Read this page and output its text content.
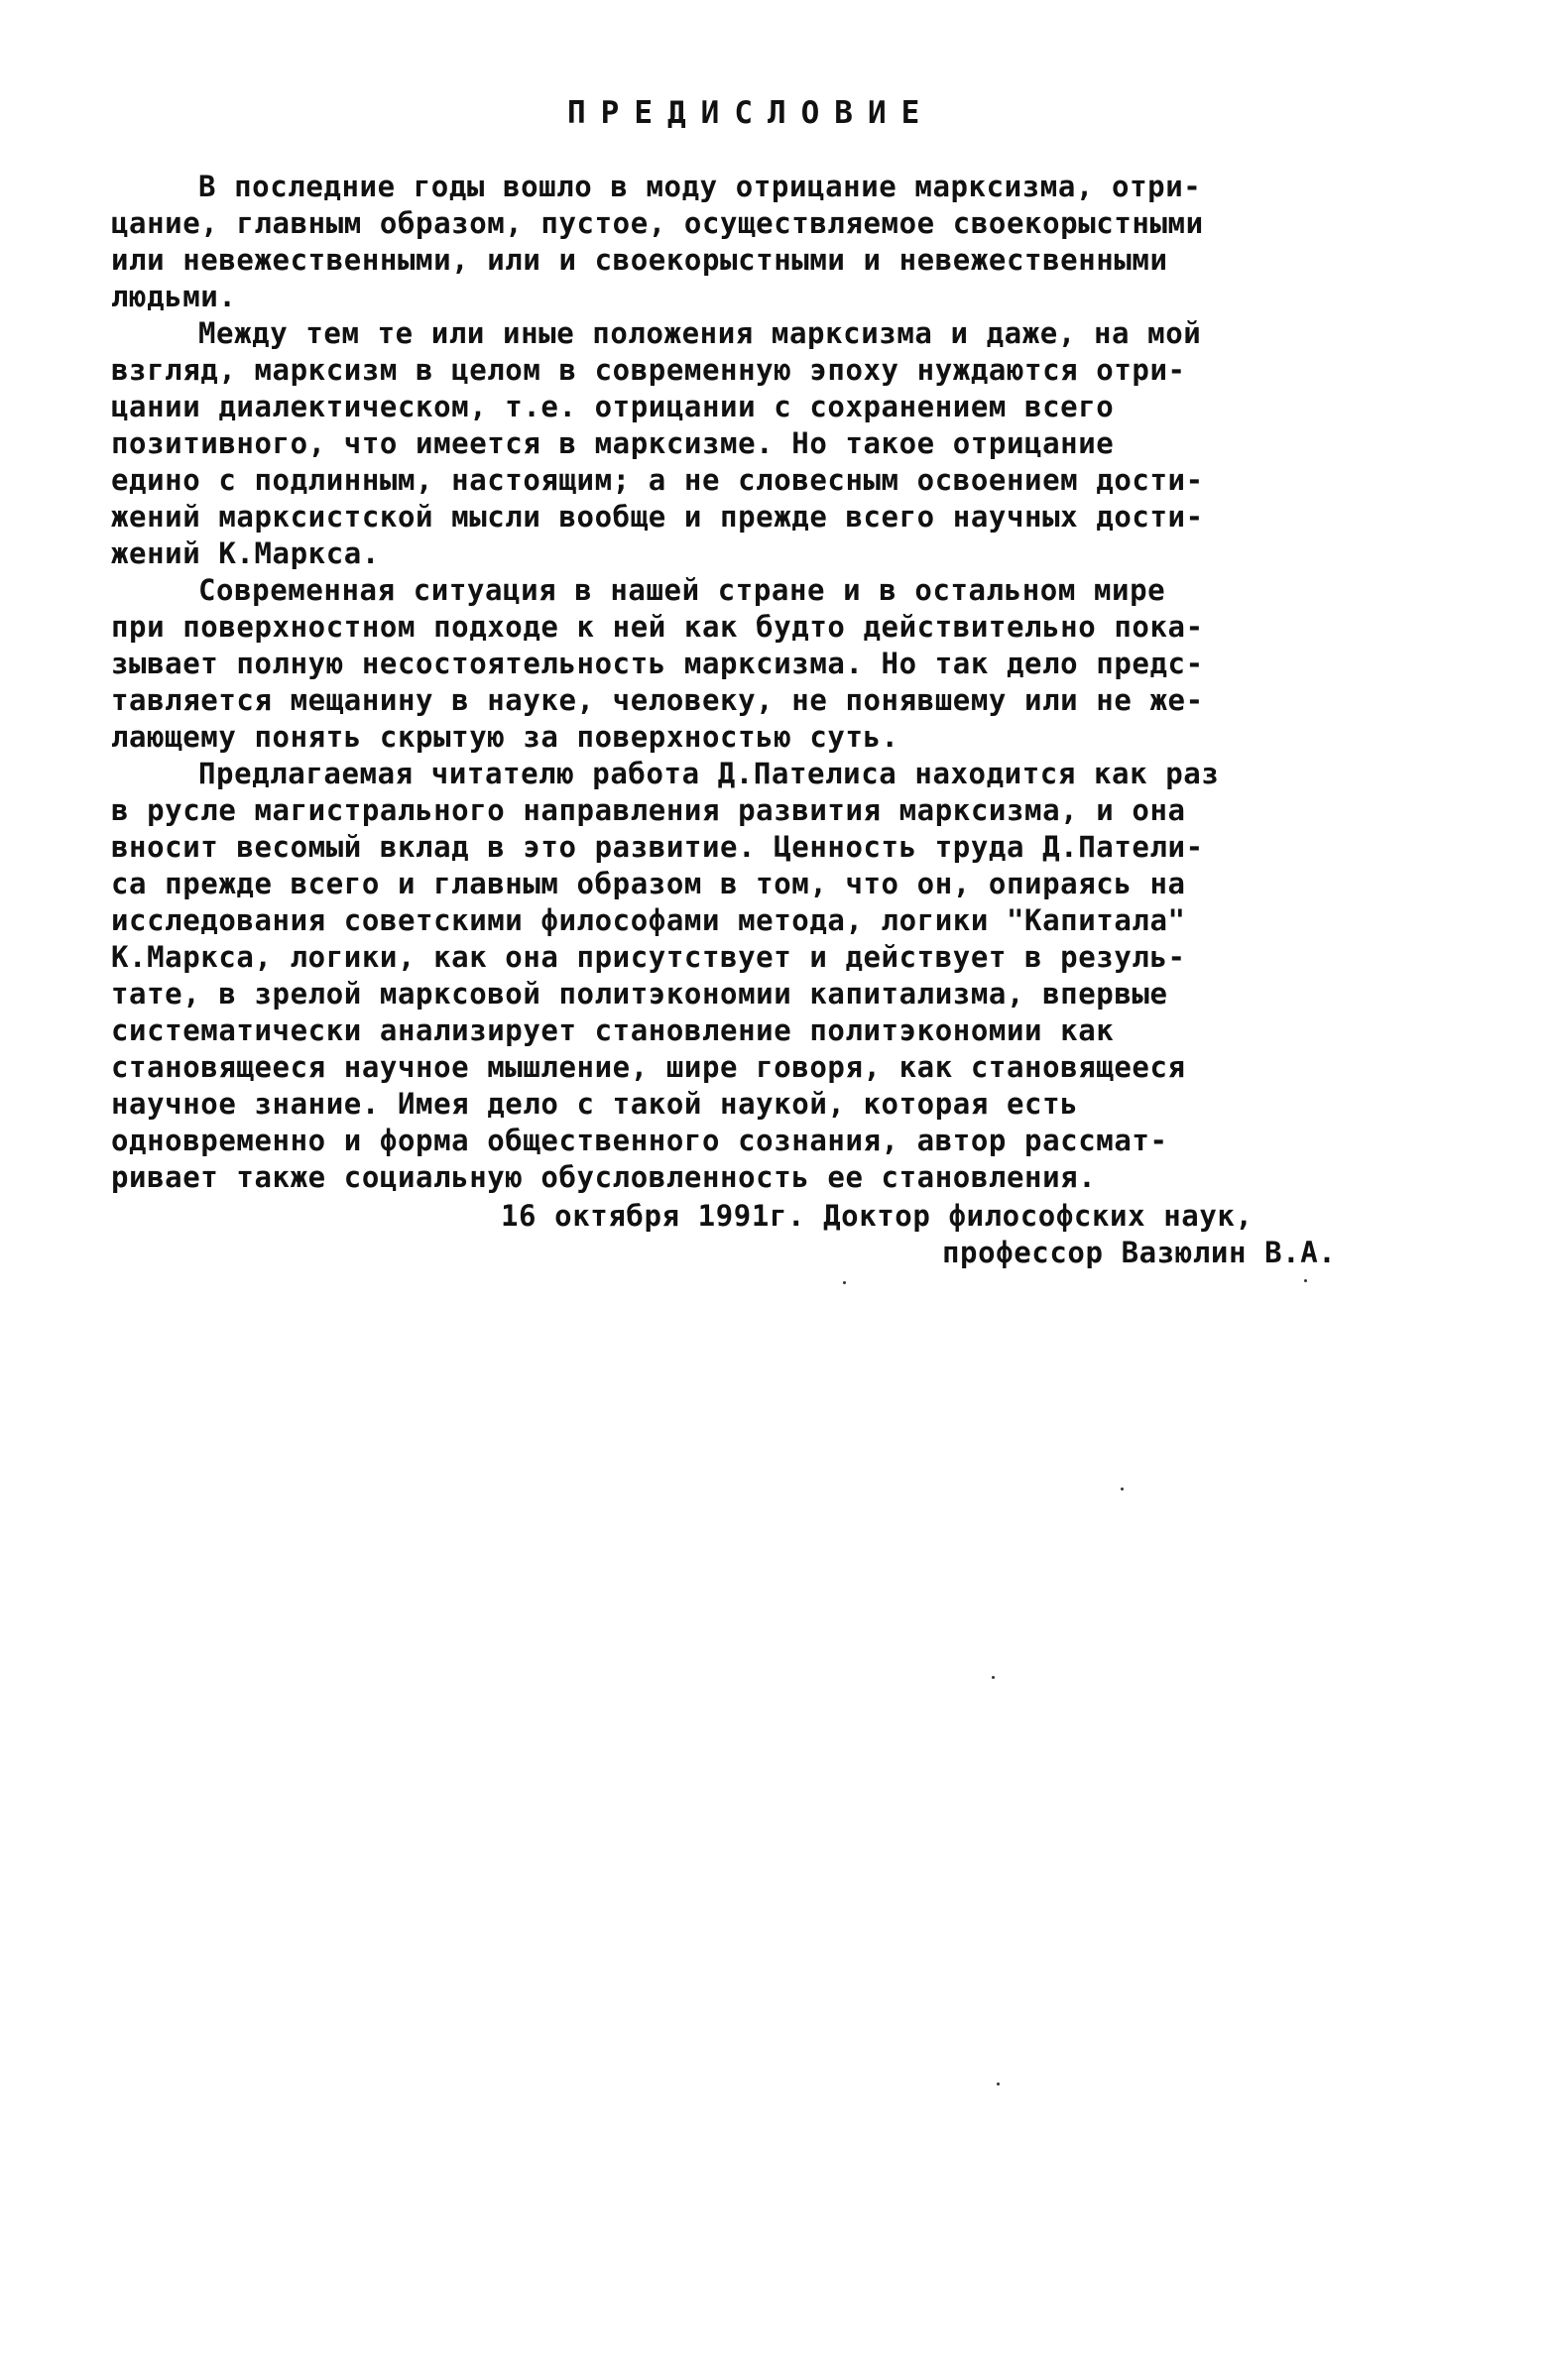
ПРЕДИСЛОВИЕ
В последние годы вошло в моду отрицание марксизма, отри-
цание, главным образом, пустое, осуществляемое своекорыстными
или невежественными, или и своекорыстными и невежественными
людьми.
Между тем те или иные положения марксизма и даже, на мой
взгляд, марксизм в целом в современную эпоху нуждаются отри-
цании диалектическом, т.е. отрицании с сохранением всего
позитивного, что имеется в марксизме. Но такое отрицание
едино с подлинным, настоящим; а не словесным освоением дости-
жений марксистской мысли вообще и прежде всего научных дости-
жений К.Маркса.
Современная ситуация в нашей стране и в остальном мире
при поверхностном подходе к ней как будто действительно пока-
зывает полную несостоятельность марксизма. Но так дело предс-
тавляется мещанину в науке, человеку, не понявшему или не же-
лающему понять скрытую за поверхностью суть.
Предлагаемая читателю работа Д.Пателиса находится как раз
в русле магистрального направления развития марксизма, и она
вносит весомый вклад в это развитие. Ценность труда Д.Патели-
са прежде всего и главным образом в том, что он, опираясь на
исследования советскими философами метода, логики "Капитала"
К.Маркса, логики, как она присутствует и действует в резуль-
тате, в зрелой марксовой политэкономии капитализма, впервые
систематически анализирует становление политэкономии как
становящееся научное мышление, шире говоря, как становящееся
научное знание. Имея дело с такой наукой, которая есть
одновременно и форма общественного сознания, автор рассмат-
ривает также социальную обусловленность ее становления.
16 октября 1991г. Доктор философских наук,
профессор Вазюлин В.А.
